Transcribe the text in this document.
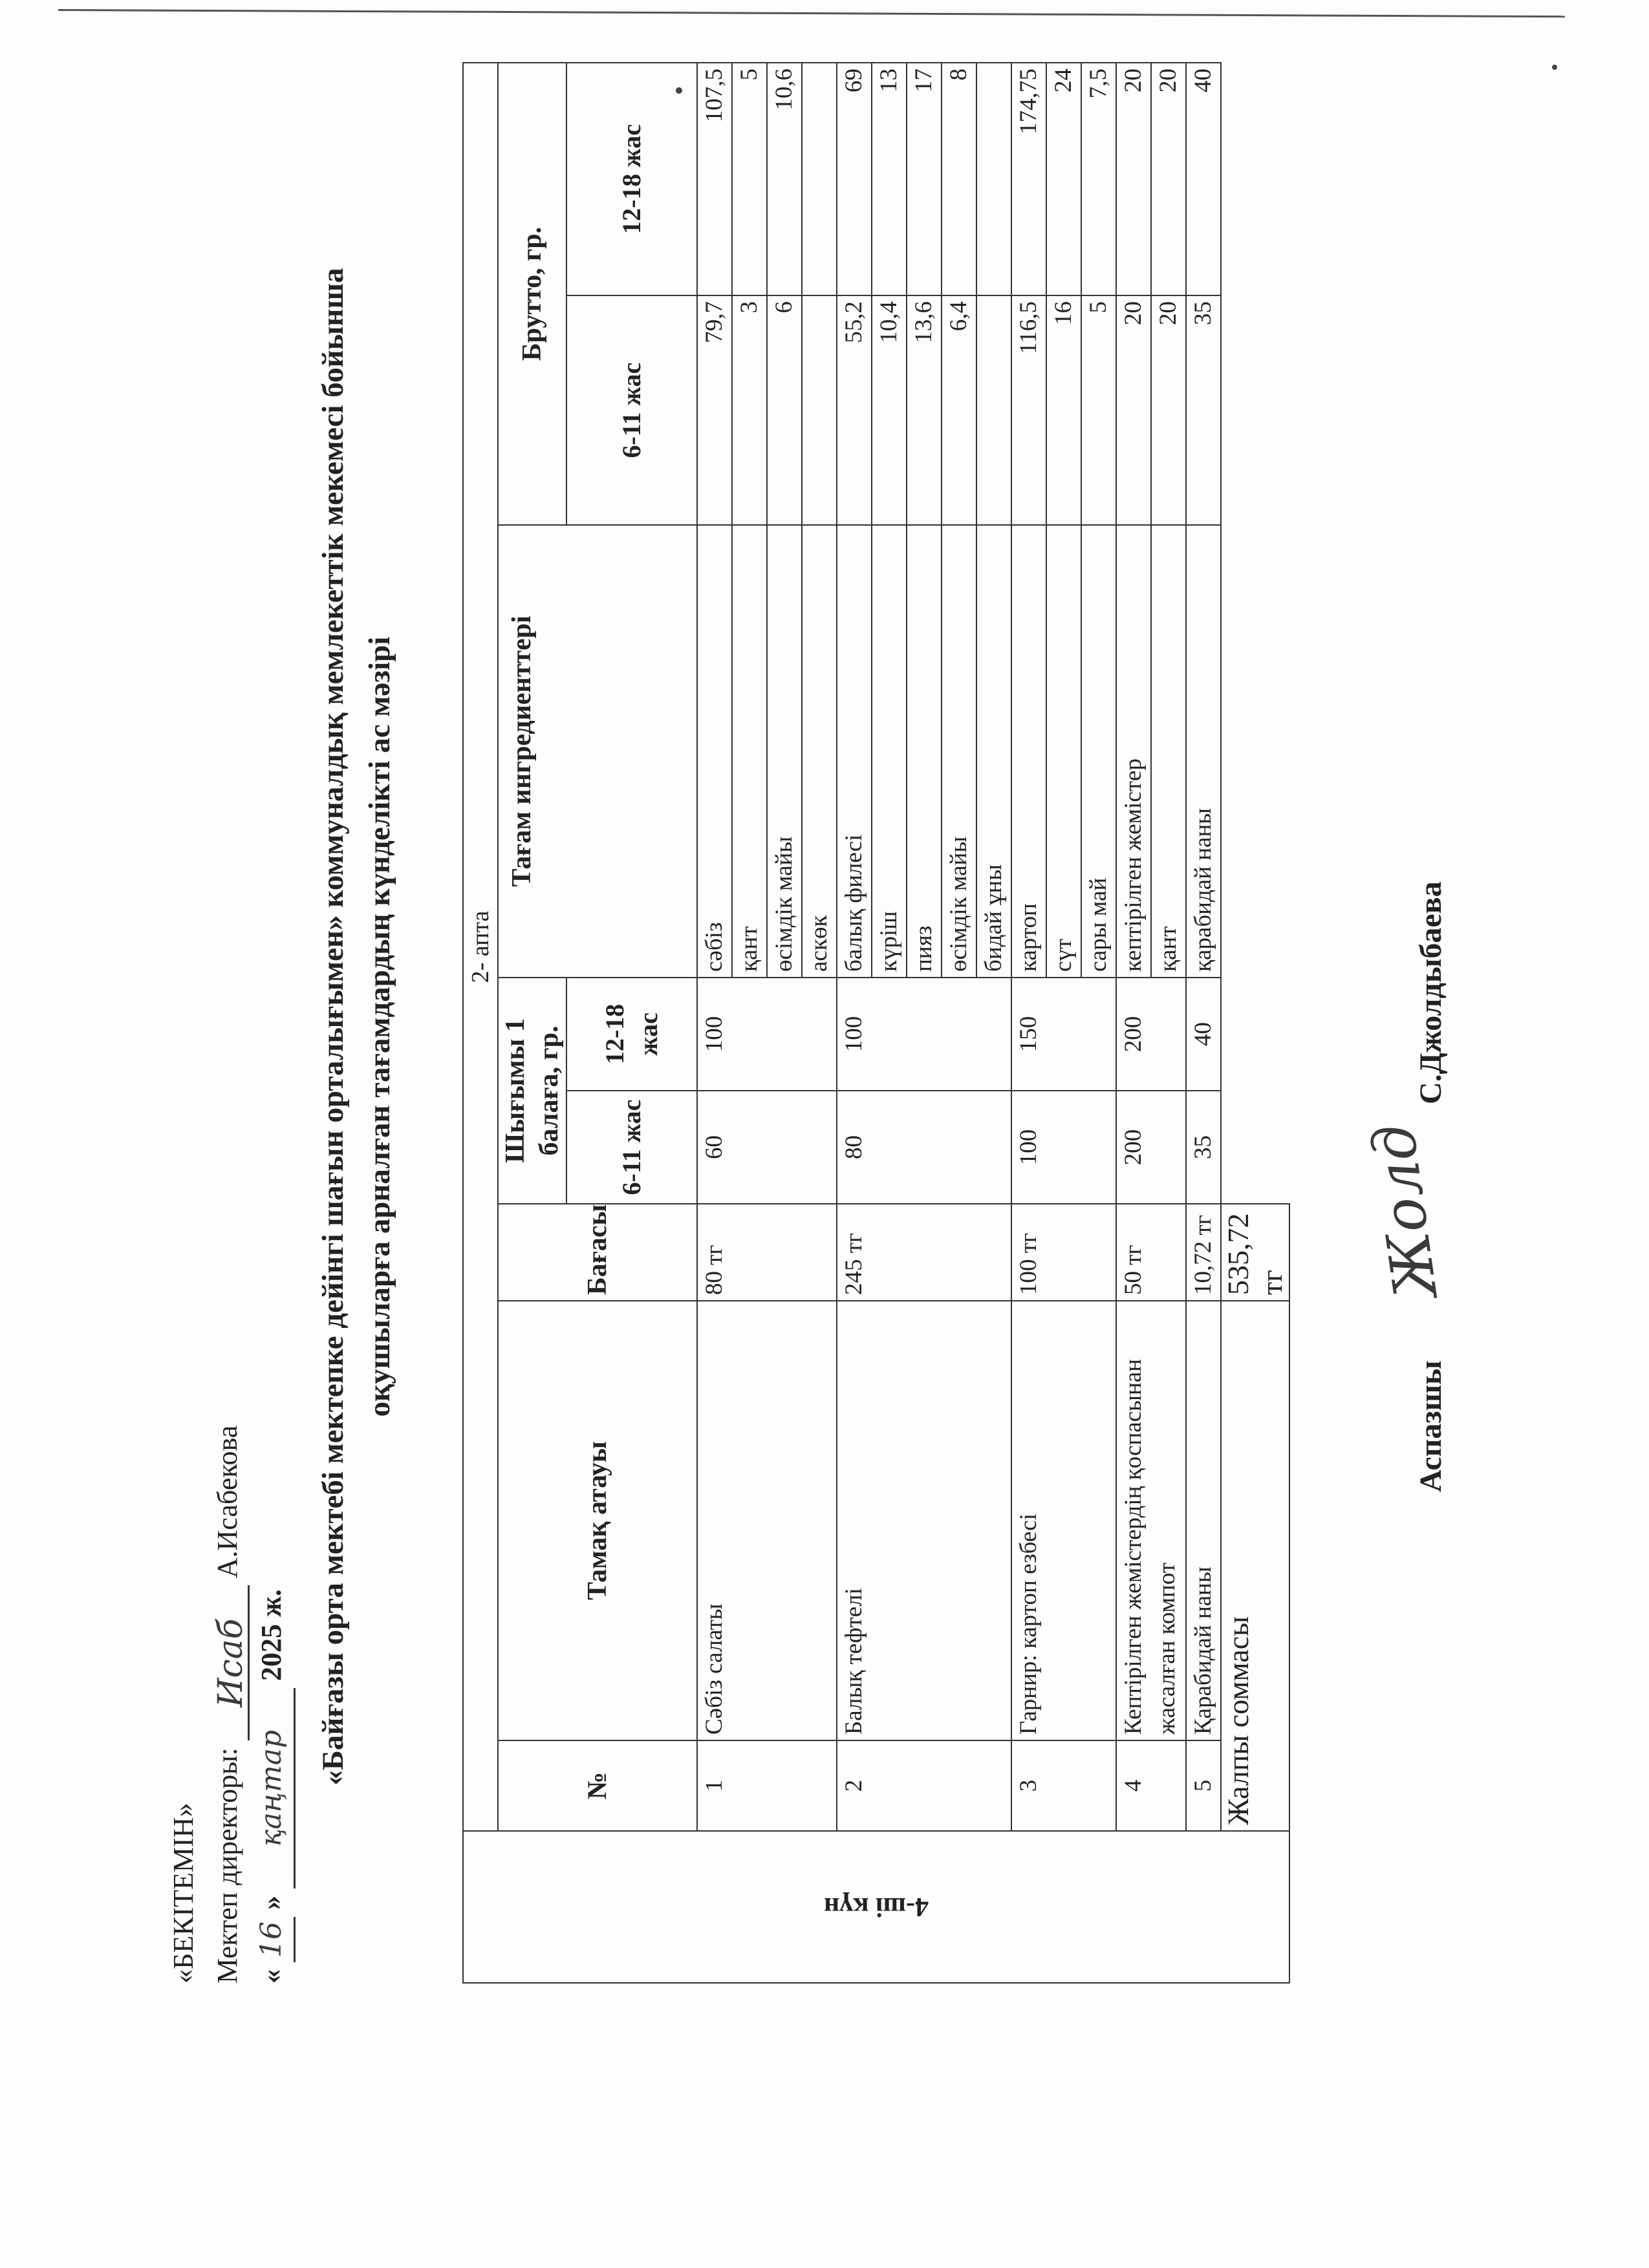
«БЕКІТЕМІН» Мектеп директоры: Исаб А.Исабекова
« 16 » қаңтар 2025 ж. «Байғазы орта мектебі мектепке дейінгі шағын орталығымен» коммуналдық мемлекеттік мекемесі бойынша оқушыларға арналған тағамдардың күнделікті ас мәзірі
4-ші күн	2- апта							
	№	Тамақ атауы	Бағасы	Шығымы 1 балаға, гр.		Тағам ингредиенттері	Брутто, гр.	
				6-11 жас	12-18 жас		6-11 жас	12-18 жас
	1	Сәбіз салаты	80 тг	60	100	сәбіз	79,7	107,5
						қант	3	5
						өсімдік майы	6	10,6
						аскөк		
	2	Балық тефтелі	245 тг	80	100	балық филесі	55,2	69
						күріш	10,4	13
						пияз	13,6	17
						өсімдік майы	6,4	8
						бидай ұны		
	3	Гарнир: картоп езбесі	100 тг	100	150	картоп	116,5	174,75
						сүт	16	24
						сары май	5	7,5
	4	Кептірілген жемістердің қоспасынан жасалған компот	50 тг	200	200	кептірілген жемістер	20	20
						қант	20	20
	5	Қарабидай наны	10,72 тг	35	40	қарабидай наны	35	40
	Жалпы соммасы		535,72 тг					
Аспазшы
С.Джолдыбаева
Жолд
